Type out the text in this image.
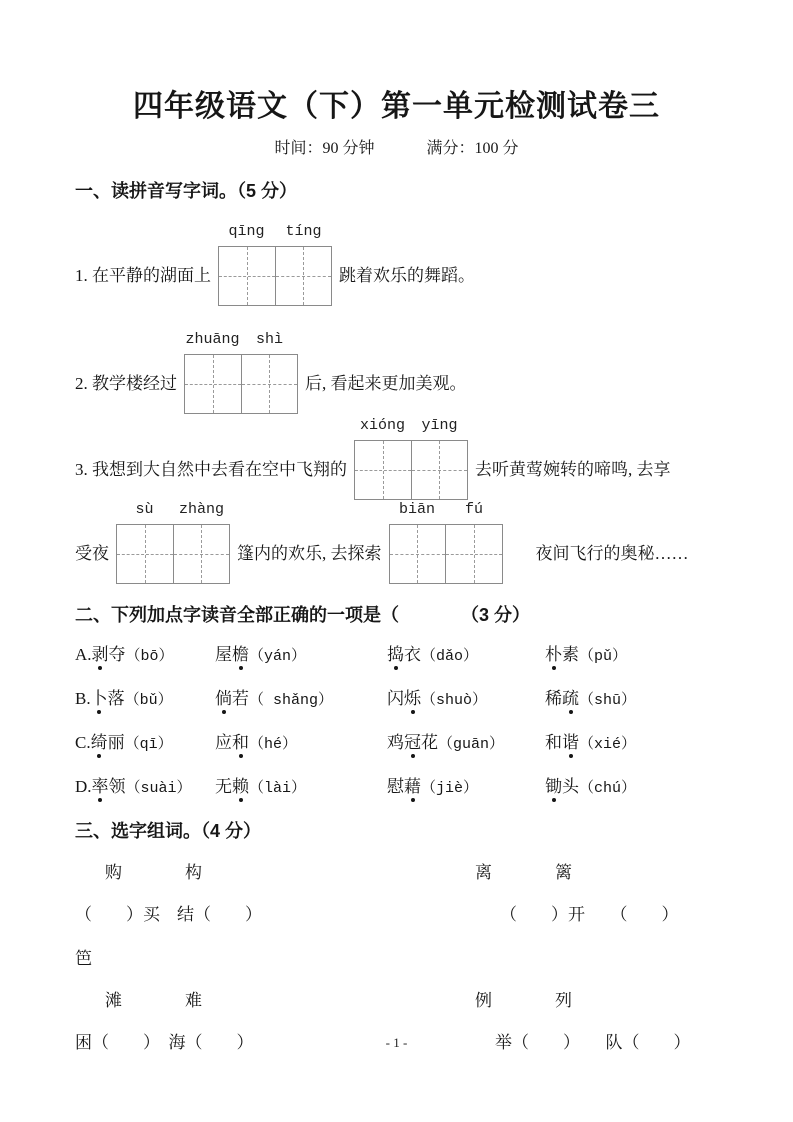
四年级语文（下）第一单元检测试卷三
时间：90 分钟	满分：100 分
一、读拼音写字词。（5 分）
1. 在平静的湖面上
qīng	tíng
跳着欢乐的舞蹈。
2. 教学楼经过
zhuāng	shì
后, 看起来更加美观。
3. 我想到大自然中去看在空中飞翔的
xióng	yīng
去听黄莺婉转的啼鸣, 去享
受夜
sù	zhàng
篷内的欢乐, 去探索
biān	fú
夜间飞行的奥秘……
二、下列加点字读音全部正确的一项是（	（3 分）
A.剥夺（bō）	屋檐（yán）	捣衣（dǎo）	朴素（pǔ）
B.卜落（bǔ）	倘若（ shǎng）	闪烁（shuò）	稀疏（shū）
C.绮丽（qī）	应和（hé）	鸡冠花（guān）	和谐（xié）
D.率领（suài）	无赖（lài）	慰藉（jiè）	锄头（chú）
三、选字组词。（4 分）
购	构	离	篱
（　　）买　结（　　）	（　　）开　　（　　）
笆
滩	难	例	列
困（　　）　海（　　）	举（　　）　　队（　　）
- 1 -
